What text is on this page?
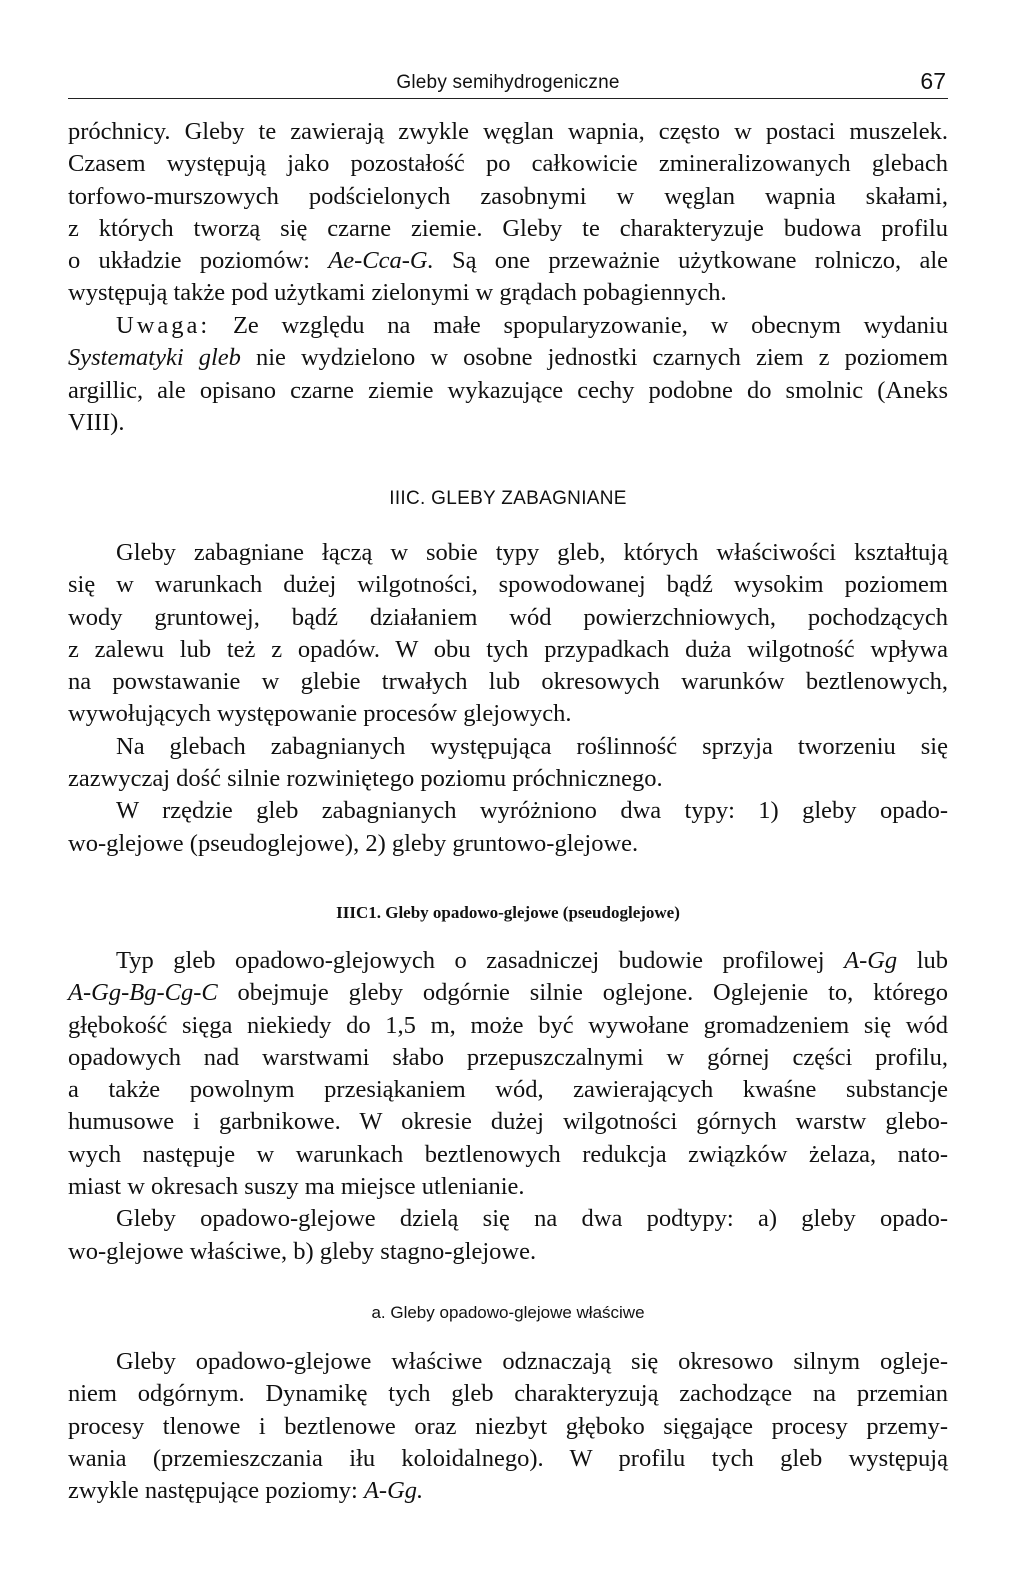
Gleby semihydrogeniczne	67
próchnicy. Gleby te zawierają zwykle węglan wapnia, często w postaci muszelek.
Czasem występują jako pozostałość po całkowicie zmineralizowanych glebach
torfowo-murszowych podścielonych zasobnymi w węglan wapnia skałami,
z których tworzą się czarne ziemie. Gleby te charakteryzuje budowa profilu
o układzie poziomów: Ae-Cca-G. Są one przeważnie użytkowane rolniczo, ale
występują także pod użytkami zielonymi w grądach pobagiennych.
Uwaga: Ze względu na małe spopularyzowanie, w obecnym wydaniu
Systematyki gleb nie wydzielono w osobne jednostki czarnych ziem z poziomem
argillic, ale opisano czarne ziemie wykazujące cechy podobne do smolnic (Aneks
VIII).
IIIC. GLEBY ZABAGNIANE
Gleby zabagniane łączą w sobie typy gleb, których właściwości kształtują
się w warunkach dużej wilgotności, spowodowanej bądź wysokim poziomem
wody gruntowej, bądź działaniem wód powierzchniowych, pochodzących
z zalewu lub też z opadów. W obu tych przypadkach duża wilgotność wpływa
na powstawanie w glebie trwałych lub okresowych warunków beztlenowych,
wywołujących występowanie procesów glejowych.
Na glebach zabagnianych występująca roślinność sprzyja tworzeniu się
zazwyczaj dość silnie rozwiniętego poziomu próchnicznego.
W rzędzie gleb zabagnianych wyróżniono dwa typy: 1) gleby opado-
wo-glejowe (pseudoglejowe), 2) gleby gruntowo-glejowe.
IIIC1. Gleby opadowo-glejowe (pseudoglejowe)
Typ gleb opadowo-glejowych o zasadniczej budowie profilowej A-Gg lub
A-Gg-Bg-Cg-C obejmuje gleby odgórnie silnie oglejone. Oglejenie to, którego
głębokość sięga niekiedy do 1,5 m, może być wywołane gromadzeniem się wód
opadowych nad warstwami słabo przepuszczalnymi w górnej części profilu,
a także powolnym przesiąkaniem wód, zawierających kwaśne substancje
humusowe i garbnikowe. W okresie dużej wilgotności górnych warstw glebo-
wych następuje w warunkach beztlenowych redukcja związków żelaza, nato-
miast w okresach suszy ma miejsce utlenianie.
Gleby opadowo-glejowe dzielą się na dwa podtypy: a) gleby opado-
wo-glejowe właściwe, b) gleby stagno-glejowe.
a. Gleby opadowo-glejowe właściwe
Gleby opadowo-glejowe właściwe odznaczają się okresowo silnym ogleje-
niem odgórnym. Dynamikę tych gleb charakteryzują zachodzące na przemian
procesy tlenowe i beztlenowe oraz niezbyt głęboko sięgające procesy przemy-
wania (przemieszczania iłu koloidalnego). W profilu tych gleb występują
zwykle następujące poziomy: A-Gg.
